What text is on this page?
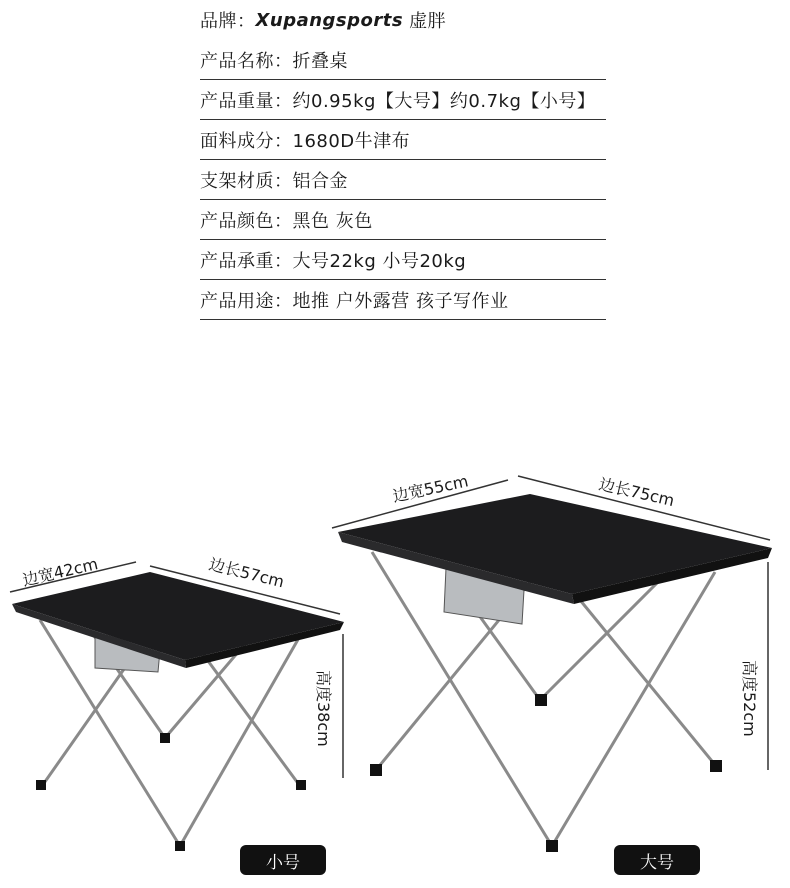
品牌： Xupangsports 虚胖
产品名称： 折叠桌
产品重量： 约0.95kg【大号】约0.7kg【小号】
面料成分： 1680D牛津布
支架材质： 铝合金
产品颜色： 黑色 灰色
产品承重： 大号22kg 小号20kg
产品用途： 地推 户外露营 孩子写作业
边宽42cm	边长57cm
高度38cm
边宽55cm	边长75cm
高度52cm
小号	大号
